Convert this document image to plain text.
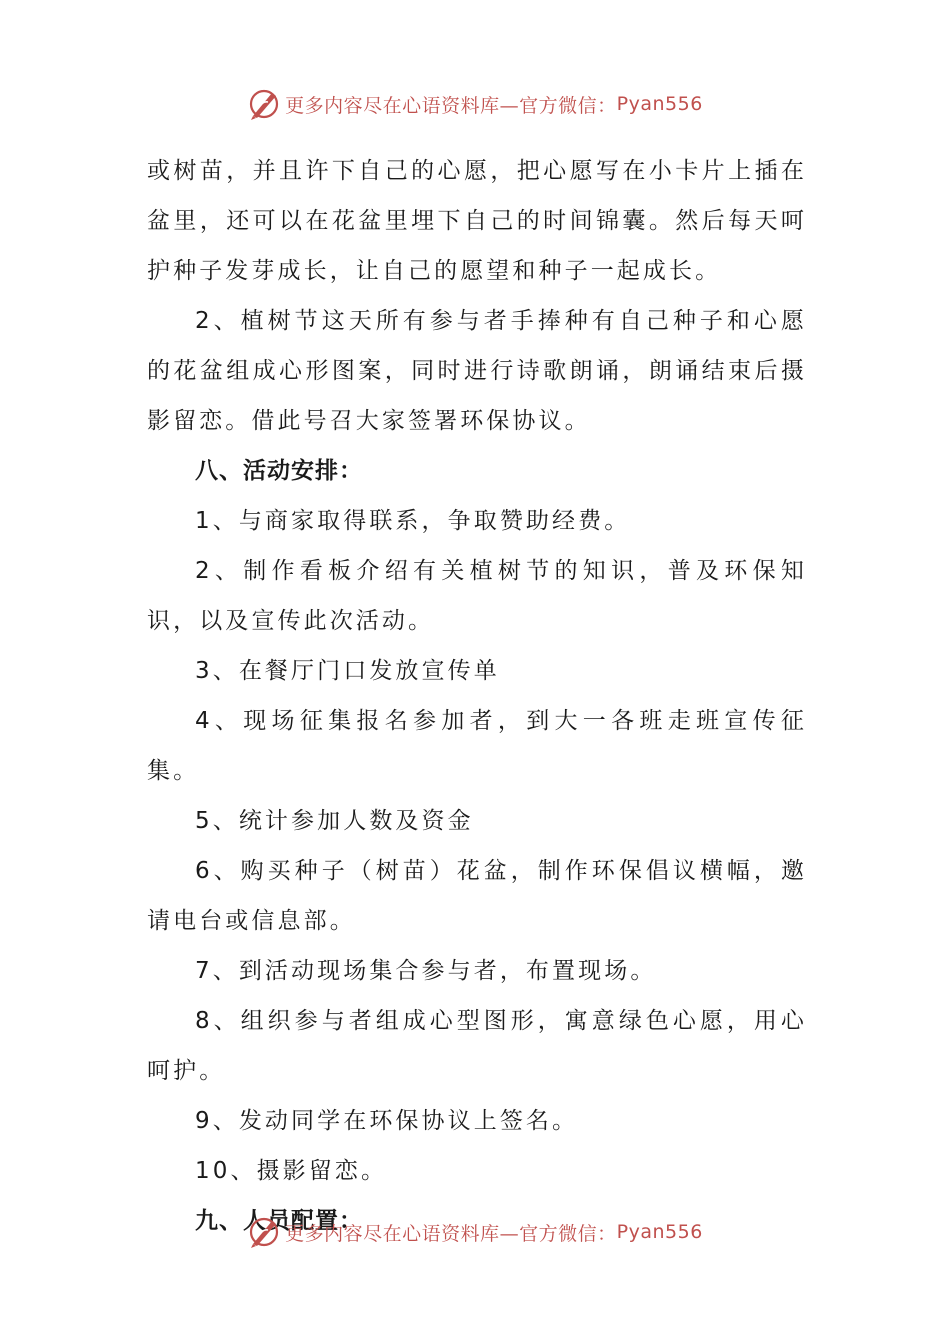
更多内容尽在心语资料库—官方微信： Pyan556

或树苗，并且许下自己的心愿，把心愿写在小卡片上插在盆里，还可以在花盆里埋下自己的时间锦囊。然后每天呵护种子发芽成长，让自己的愿望和种子一起成长。

2、植树节这天所有参与者手捧种有自己种子和心愿的花盆组成心形图案，同时进行诗歌朗诵，朗诵结束后摄影留恋。借此号召大家签署环保协议。

八、活动安排：

1、与商家取得联系，争取赞助经费。

2、制作看板介绍有关植树节的知识，普及环保知识，以及宣传此次活动。

3、在餐厅门口发放宣传单

4、现场征集报名参加者，到大一各班走班宣传征集。

5、统计参加人数及资金

6、购买种子（树苗）花盆，制作环保倡议横幅，邀请电台或信息部。

7、到活动现场集合参与者，布置现场。

8、组织参与者组成心型图形，寓意绿色心愿，用心呵护。

9、发动同学在环保协议上签名。

10、摄影留恋。

九、人员配置：

更多内容尽在心语资料库—官方微信： Pyan556
